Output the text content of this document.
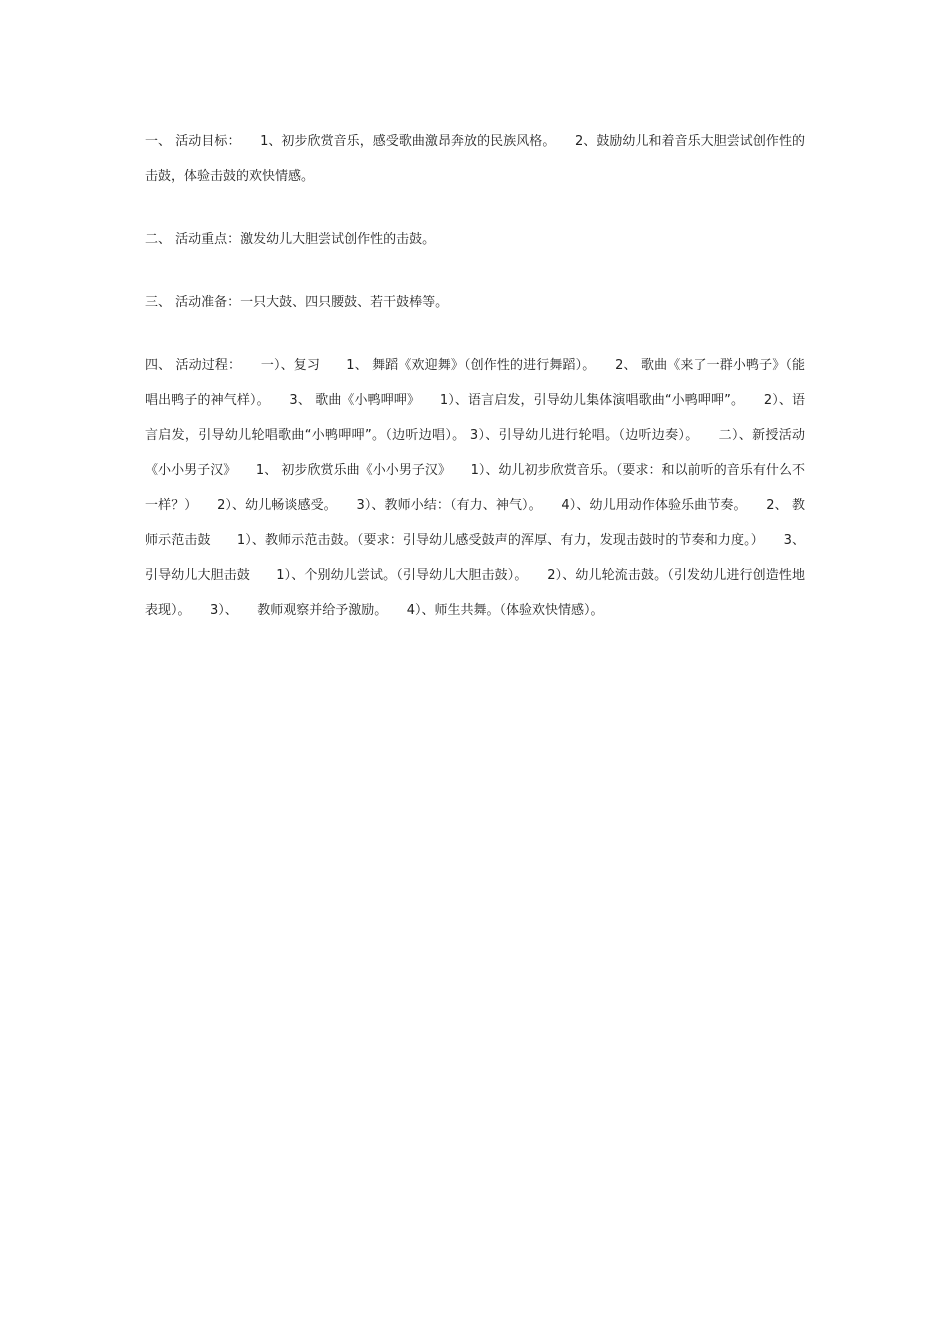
一、 活动目标：　　1、初步欣赏音乐，感受歌曲激昂奔放的民族风格。　　2、鼓励幼儿和着音乐大胆尝试创作性的击鼓，体验击鼓的欢快情感。

二、 活动重点：激发幼儿大胆尝试创作性的击鼓。

三、 活动准备：一只大鼓、四只腰鼓、若干鼓棒等。

四、 活动过程：　　一）、复习　　1、 舞蹈《欢迎舞》（创作性的进行舞蹈）。　　2、 歌曲《来了一群小鸭子》（能唱出鸭子的神气样）。　　3、 歌曲《小鸭呷呷》　　1）、语言启发，引导幼儿集体演唱歌曲“小鸭呷呷”。　　2）、语言启发，引导幼儿轮唱歌曲“小鸭呷呷”。（边听边唱）。 3）、引导幼儿进行轮唱。（边听边奏）。　　二）、新授活动《小小男子汉》　　1、 初步欣赏乐曲《小小男子汉》　　1）、幼儿初步欣赏音乐。（要求：和以前听的音乐有什么不一样？）　　2）、幼儿畅谈感受。　　3）、教师小结：（有力、神气）。　　4）、幼儿用动作体验乐曲节奏。　　2、 教师示范击鼓　　1）、教师示范击鼓。（要求：引导幼儿感受鼓声的浑厚、有力，发现击鼓时的节奏和力度。）　　3、 引导幼儿大胆击鼓　　1）、个别幼儿尝试。（引导幼儿大胆击鼓）。　　2）、幼儿轮流击鼓。（引发幼儿进行创造性地表现）。　　3）、　　教师观察并给予激励。　　4）、师生共舞。（体验欢快情感）。
